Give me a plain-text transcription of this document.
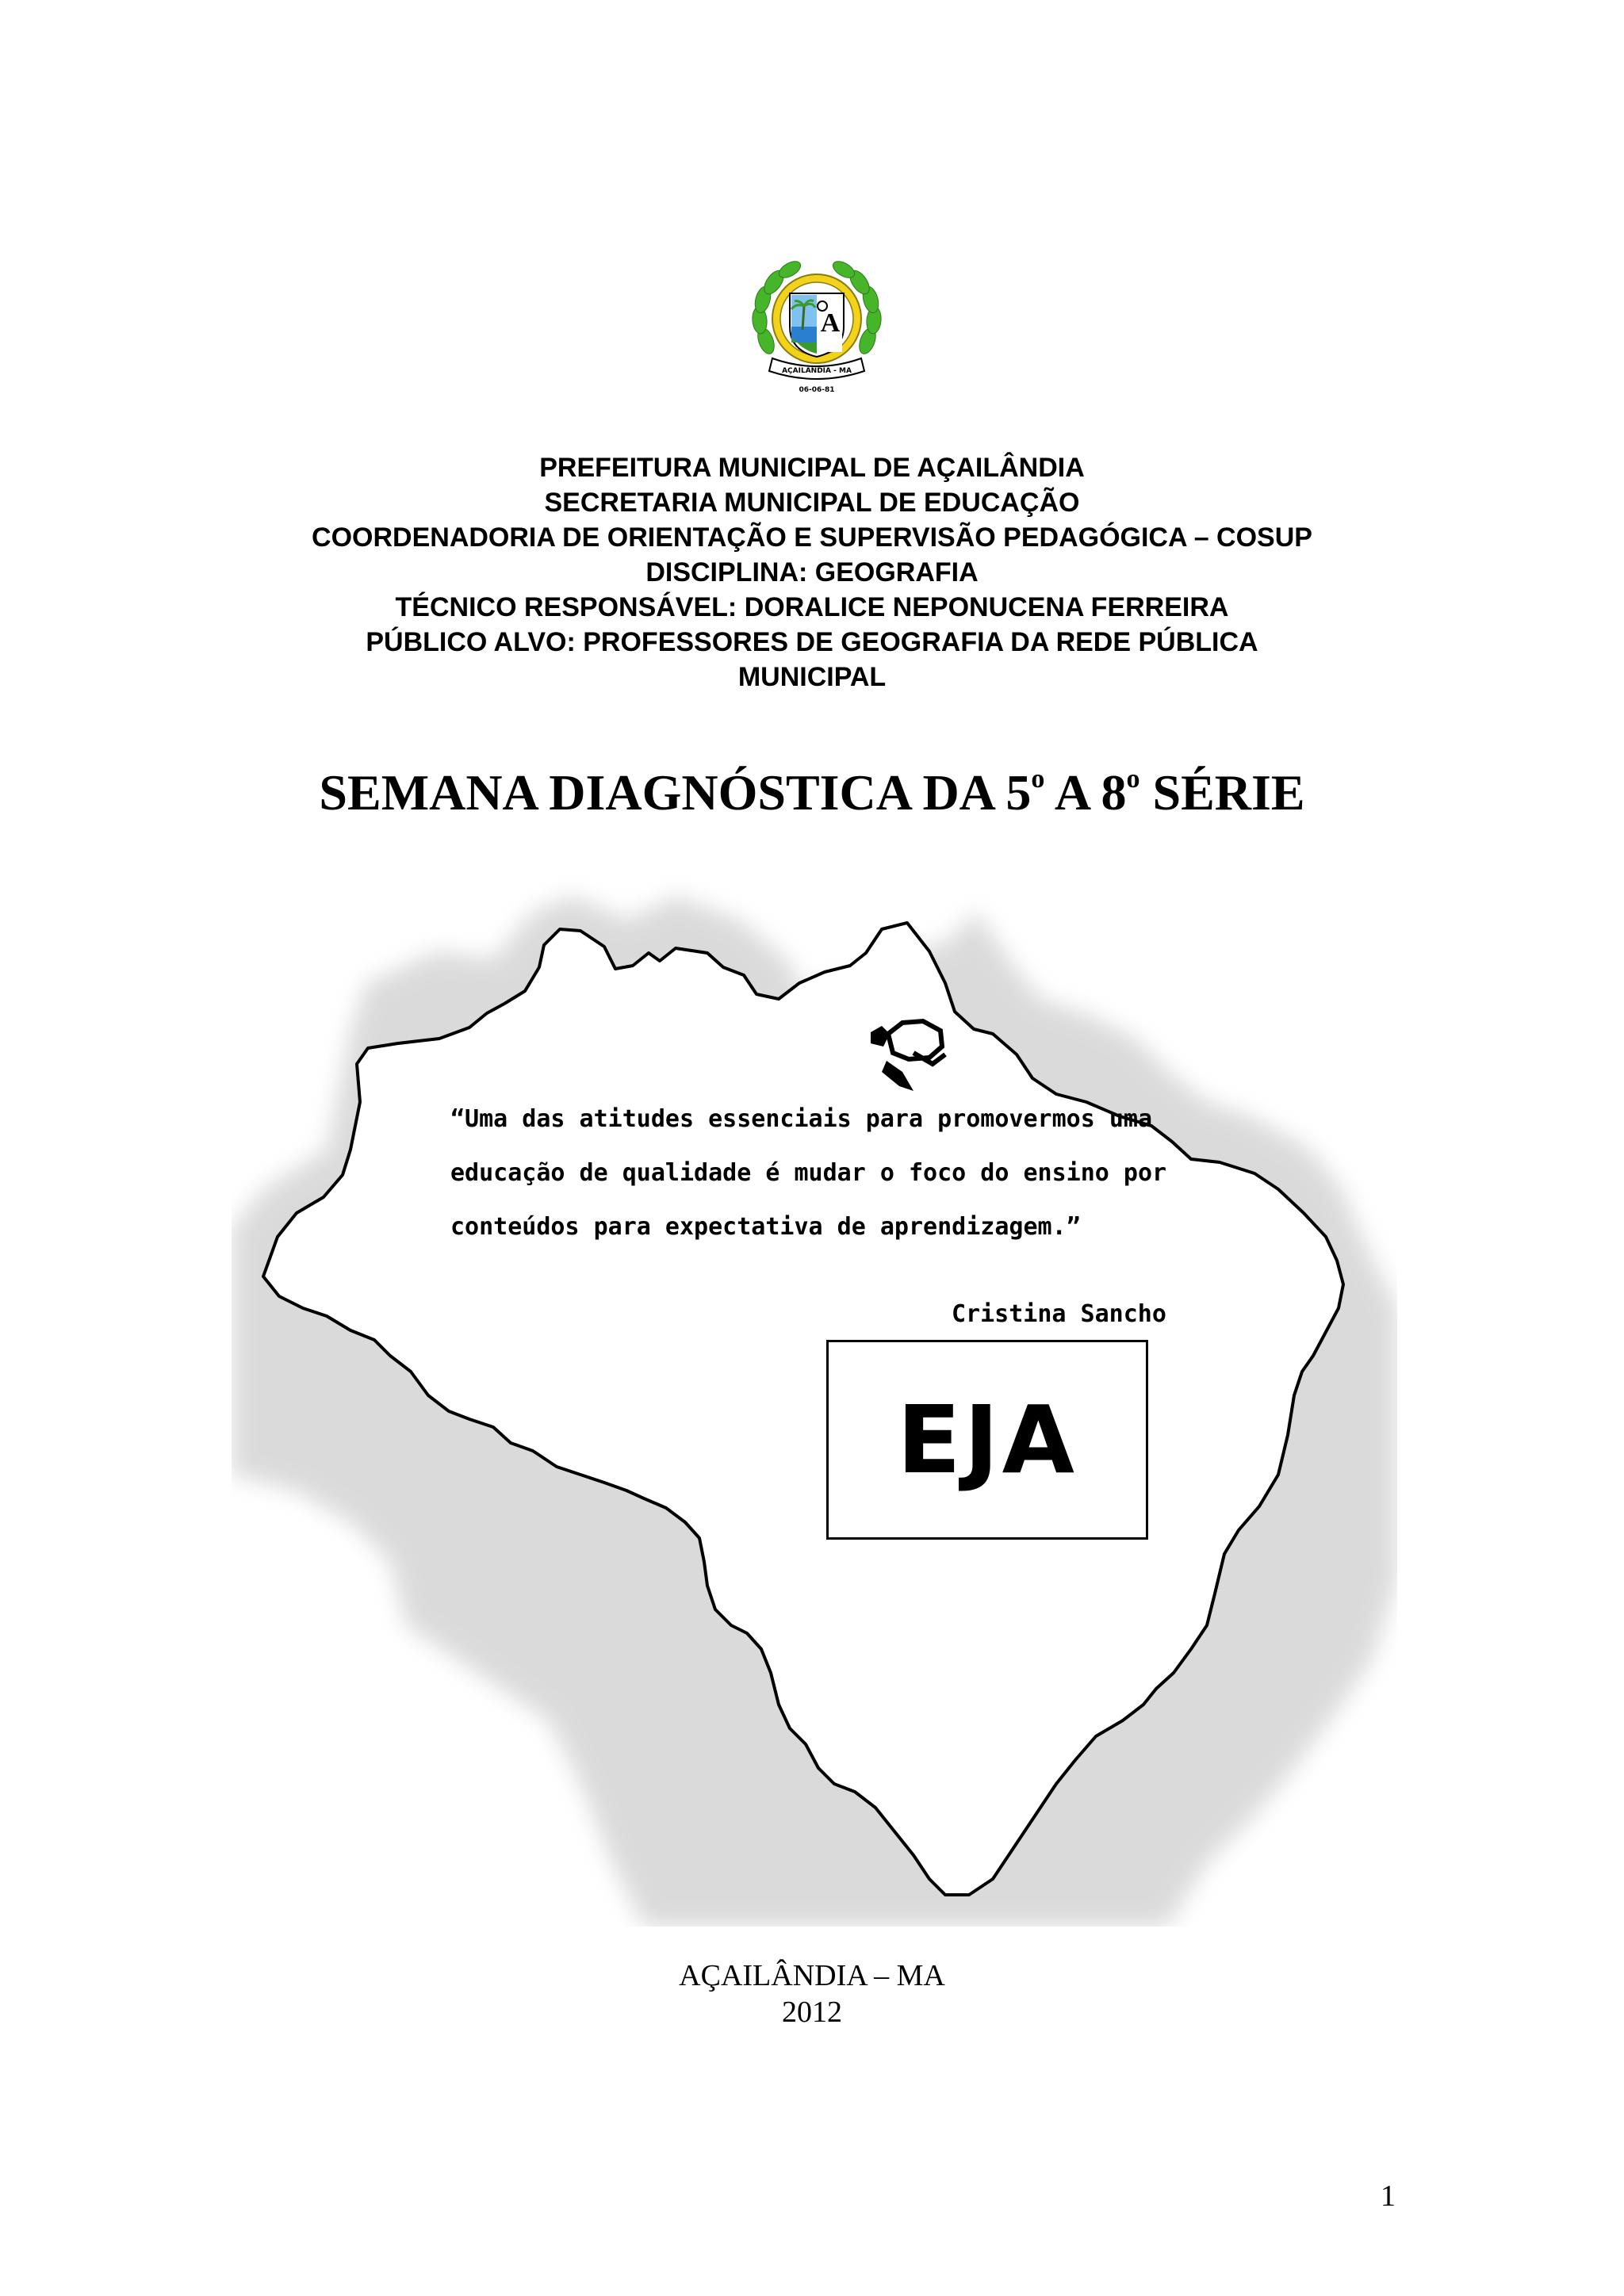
A
AÇAILÂNDIA - MA
06-06-81
PREFEITURA MUNICIPAL DE AÇAILÂNDIA
SECRETARIA MUNICIPAL DE EDUCAÇÃO
COORDENADORIA DE ORIENTAÇÃO E SUPERVISÃO PEDAGÓGICA – COSUP
DISCIPLINA: GEOGRAFIA
TÉCNICO RESPONSÁVEL: DORALICE NEPONUCENA FERREIRA
PÚBLICO ALVO: PROFESSORES DE GEOGRAFIA DA REDE PÚBLICA
MUNICIPAL
SEMANA DIAGNÓSTICA DA 5$^o$ A 8$^o$ SÉRIE
“Uma das atitudes essenciais para promovermos uma
educação de qualidade é mudar o foco do ensino por
conteúdos para expectativa de aprendizagem.”
Cristina Sancho
EJA
AÇAILÂNDIA – MA
2012
1
